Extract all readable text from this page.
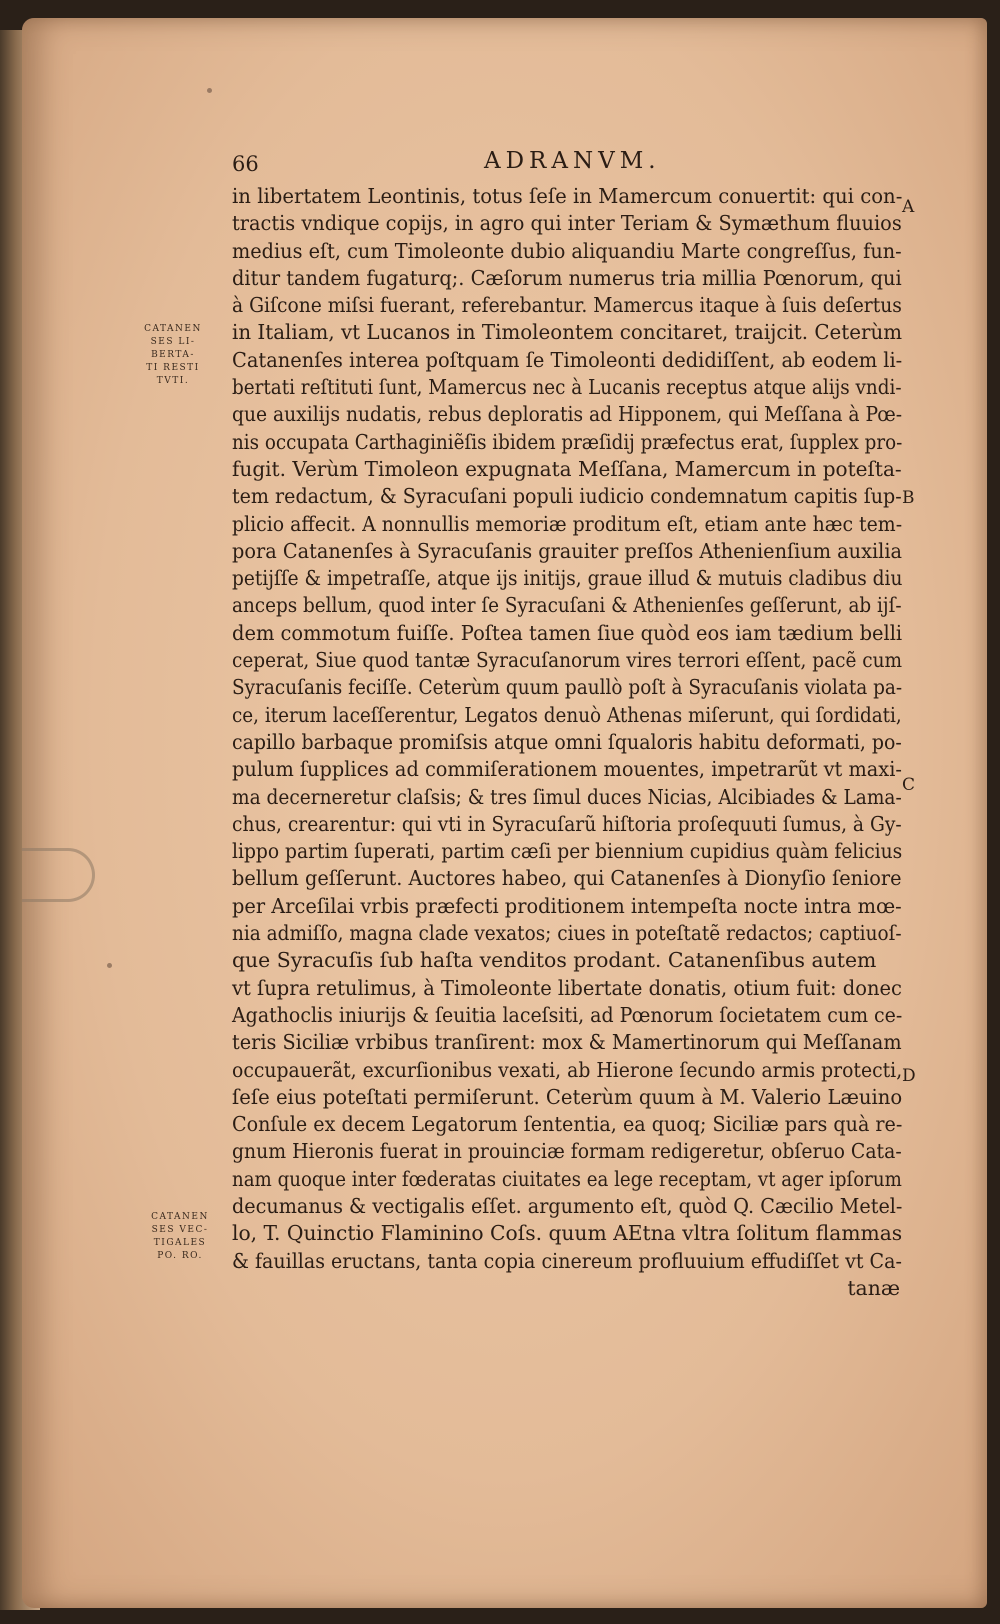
66	ADRANVM.
CATANEN
SES LI-
BERTA-
TI RESTI
TVTI.
CATANEN
SES VEC-
TIGALES
PO. RO.
A
B
C
D
in libertatem Leontinis, totus ſeſe in Mamercum conuertit: qui con-
tractis vndique copijs, in agro qui inter Teriam & Symæthum fluuios
medius eſt, cum Timoleonte dubio aliquandiu Marte congreſſus, fun-
ditur tandem fugaturq;. Cæſorum numerus tria millia Pœnorum, qui
à Giſcone miſsi fuerant, referebantur. Mamercus itaque à ſuis deſertus
in Italiam, vt Lucanos in Timoleontem concitaret, traijcit. Ceterùm
Catanenſes interea poſtquam ſe Timoleonti dedidiſſent, ab eodem li-
bertati reſtituti ſunt, Mamercus nec à Lucanis receptus atque alijs vndi-
que auxilijs nudatis, rebus deploratis ad Hipponem, qui Meſſana à Pœ-
nis occupata Carthaginiẽſis ibidem præſidij præfectus erat, ſupplex pro-
fugit. Verùm Timoleon expugnata Meſſana, Mamercum in poteſta-
tem redactum, & Syracuſani populi iudicio condemnatum capitis ſup-
plicio affecit. A nonnullis memoriæ proditum eſt, etiam ante hæc tem-
pora Catanenſes à Syracuſanis grauiter preſſos Athenienſium auxilia
petijſſe & impetraſſe, atque ijs initijs, graue illud & mutuis cladibus diu
anceps bellum, quod inter ſe Syracuſani & Athenienſes geſſerunt, ab ijſ-
dem commotum fuiſſe. Poſtea tamen ſiue quòd eos iam tædium belli
ceperat, Siue quod tantæ Syracuſanorum vires terrori eſſent, pacẽ cum
Syracuſanis feciſſe. Ceterùm quum paullò poſt à Syracuſanis violata pa-
ce, iterum laceſſerentur, Legatos denuò Athenas miſerunt, qui ſordidati,
capillo barbaque promiſsis atque omni ſqualoris habitu deformati, po-
pulum ſupplices ad commiſerationem mouentes, impetrarũt vt maxi-
ma decerneretur claſsis; & tres ſimul duces Nicias, Alcibiades & Lama-
chus, crearentur: qui vti in Syracuſarũ hiſtoria proſequuti ſumus, à Gy-
lippo partim ſuperati, partim cæſi per biennium cupidius quàm felicius
bellum geſſerunt. Auctores habeo, qui Catanenſes à Dionyſio ſeniore
per Arceſilai vrbis præfecti proditionem intempeſta nocte intra mœ-
nia admiſſo, magna clade vexatos; ciues in poteſtatẽ redactos; captiuoſ-
que Syracuſis ſub haſta venditos prodant. Catanenſibus autem
vt ſupra retulimus, à Timoleonte libertate donatis, otium fuit: donec
Agathoclis iniurijs & ſeuitia laceſsiti, ad Pœnorum ſocietatem cum ce-
teris Siciliæ vrbibus tranſirent: mox & Mamertinorum qui Meſſanam
occupauerãt, excurſionibus vexati, ab Hierone ſecundo armis protecti,
ſeſe eius poteſtati permiſerunt. Ceterùm quum à M. Valerio Læuino
Conſule ex decem Legatorum ſententia, ea quoq; Siciliæ pars quà re-
gnum Hieronis fuerat in prouinciæ formam redigeretur, obſeruo Cata-
nam quoque inter fœderatas ciuitates ea lege receptam, vt ager ipſorum
decumanus & vectigalis eſſet. argumento eſt, quòd Q. Cæcilio Metel-
lo, T. Quinctio Flaminino Coſs. quum AEtna vltra ſolitum flammas
& fauillas eructans, tanta copia cinereum profluuium effudiſſet vt Ca-
tanæ
